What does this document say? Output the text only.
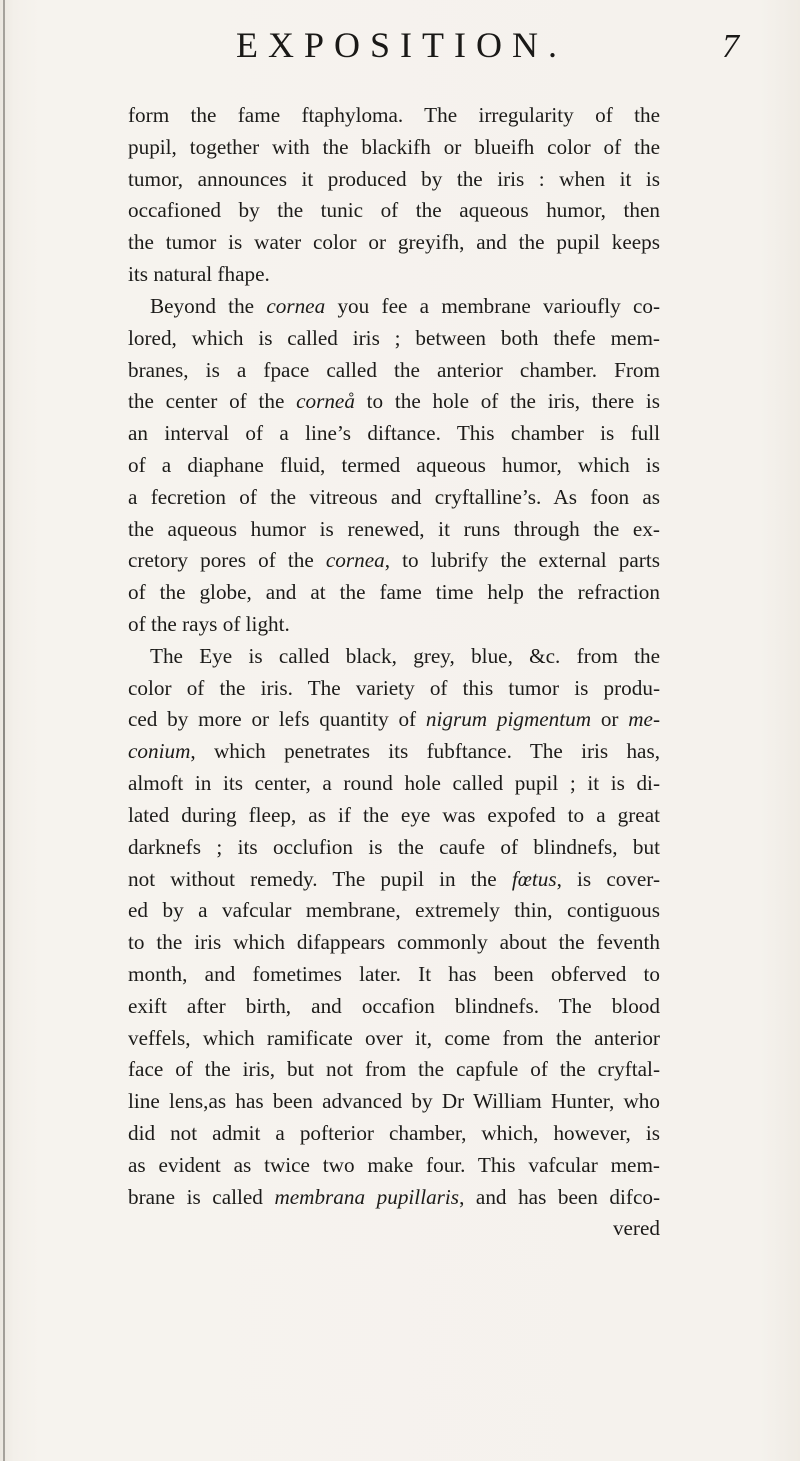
EXPOSITION.	7
form the fame ftaphyloma. The irregularity of the
pupil, together with the blackifh or blueifh color of the
tumor, announces it produced by the iris : when it is
occafioned by the tunic of the aqueous humor, then
the tumor is water color or greyifh, and the pupil keeps
its natural fhape.
Beyond the cornea you fee a membrane varioufly co-
lored, which is called iris ; between both thefe mem-
branes, is a fpace called the anterior chamber. From
the center of the corneå to the hole of the iris, there is
an interval of a line’s diftance. This chamber is full
of a diaphane fluid, termed aqueous humor, which is
a fecretion of the vitreous and cryftalline’s. As foon as
the aqueous humor is renewed, it runs through the ex-
cretory pores of the cornea, to lubrify the external parts
of the globe, and at the fame time help the refraction
of the rays of light.
The Eye is called black, grey, blue, &c. from the
color of the iris. The variety of this tumor is produ-
ced by more or lefs quantity of nigrum pigmentum or me-
conium, which penetrates its fubftance. The iris has,
almoft in its center, a round hole called pupil ; it is di-
lated during fleep, as if the eye was expofed to a great
darknefs ; its occlufion is the caufe of blindnefs, but
not without remedy. The pupil in the fœtus, is cover-
ed by a vafcular membrane, extremely thin, contiguous
to the iris which difappears commonly about the feventh
month, and fometimes later. It has been obferved to
exift after birth, and occafion blindnefs. The blood
veffels, which ramificate over it, come from the anterior
face of the iris, but not from the capfule of the cryftal-
line lens,as has been advanced by Dr William Hunter, who
did not admit a pofterior chamber, which, however, is
as evident as twice two make four. This vafcular mem-
brane is called membrana pupillaris, and has been difco-
vered
